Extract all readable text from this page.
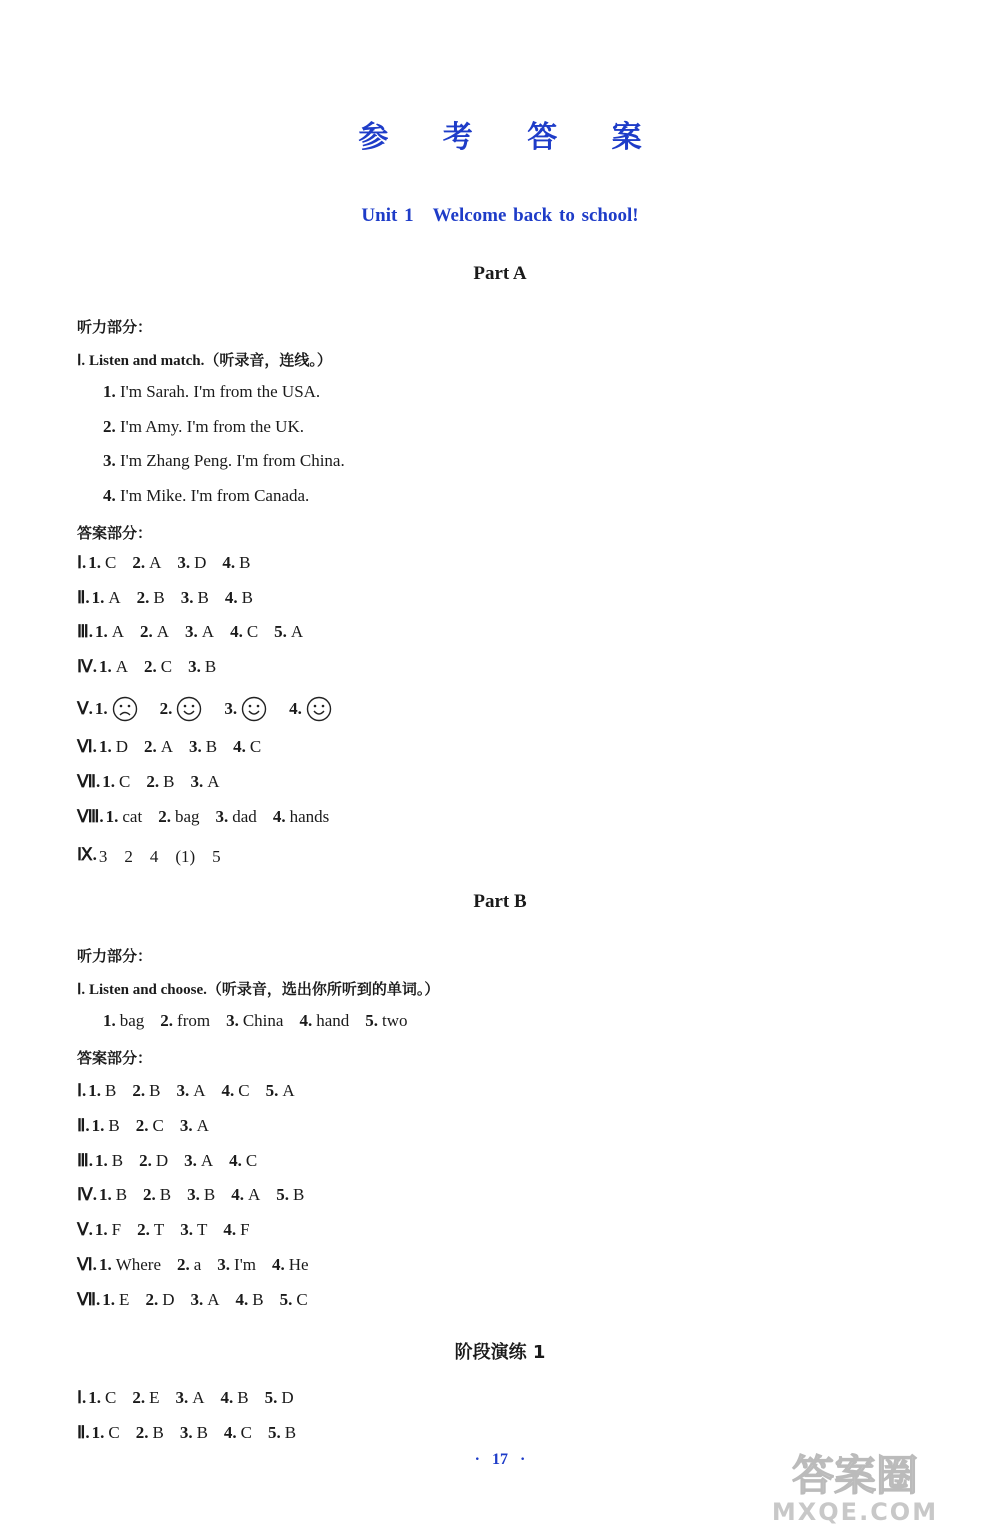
参 考 答 案
Unit 1　Welcome back to school!
Part A
听力部分：
Ⅰ. Listen and match.（听录音，连线。）
1. I'm Sarah. I'm from the USA.
2. I'm Amy. I'm from the UK.
3. I'm Zhang Peng. I'm from China.
4. I'm Mike. I'm from Canada.
答案部分：
Ⅰ. 1. C 2. A 3. D 4. B
Ⅱ. 1. A 2. B 3. B 4. B
Ⅲ. 1. A 2. A 3. A 4. C 5. A
Ⅳ. 1. A 2. C 3. B
Ⅴ. 1.	2.	3.	4.
Ⅵ. 1. D 2. A 3. B 4. C
Ⅶ. 1. C 2. B 3. A
Ⅷ. 1. cat 2. bag 3. dad 4. hands
Ⅸ. 3　2　4　(1)　5
Part B
听力部分：
Ⅰ. Listen and choose.（听录音，选出你所听到的单词。）
1. bag 2. from 3. China 4. hand 5. two
答案部分：
Ⅰ. 1. B 2. B 3. A 4. C 5. A
Ⅱ. 1. B 2. C 3. A
Ⅲ. 1. B 2. D 3. A 4. C
Ⅳ. 1. B 2. B 3. B 4. A 5. B
Ⅴ. 1. F 2. T 3. T 4. F
Ⅵ. 1. Where 2. a 3. I'm 4. He
Ⅶ. 1. E 2. D 3. A 4. B 5. C
阶段演练 1
Ⅰ. 1. C 2. E 3. A 4. B 5. D
Ⅱ. 1. C 2. B 3. B 4. C 5. B
· 17 ·	答案圈
MXQE.COM
